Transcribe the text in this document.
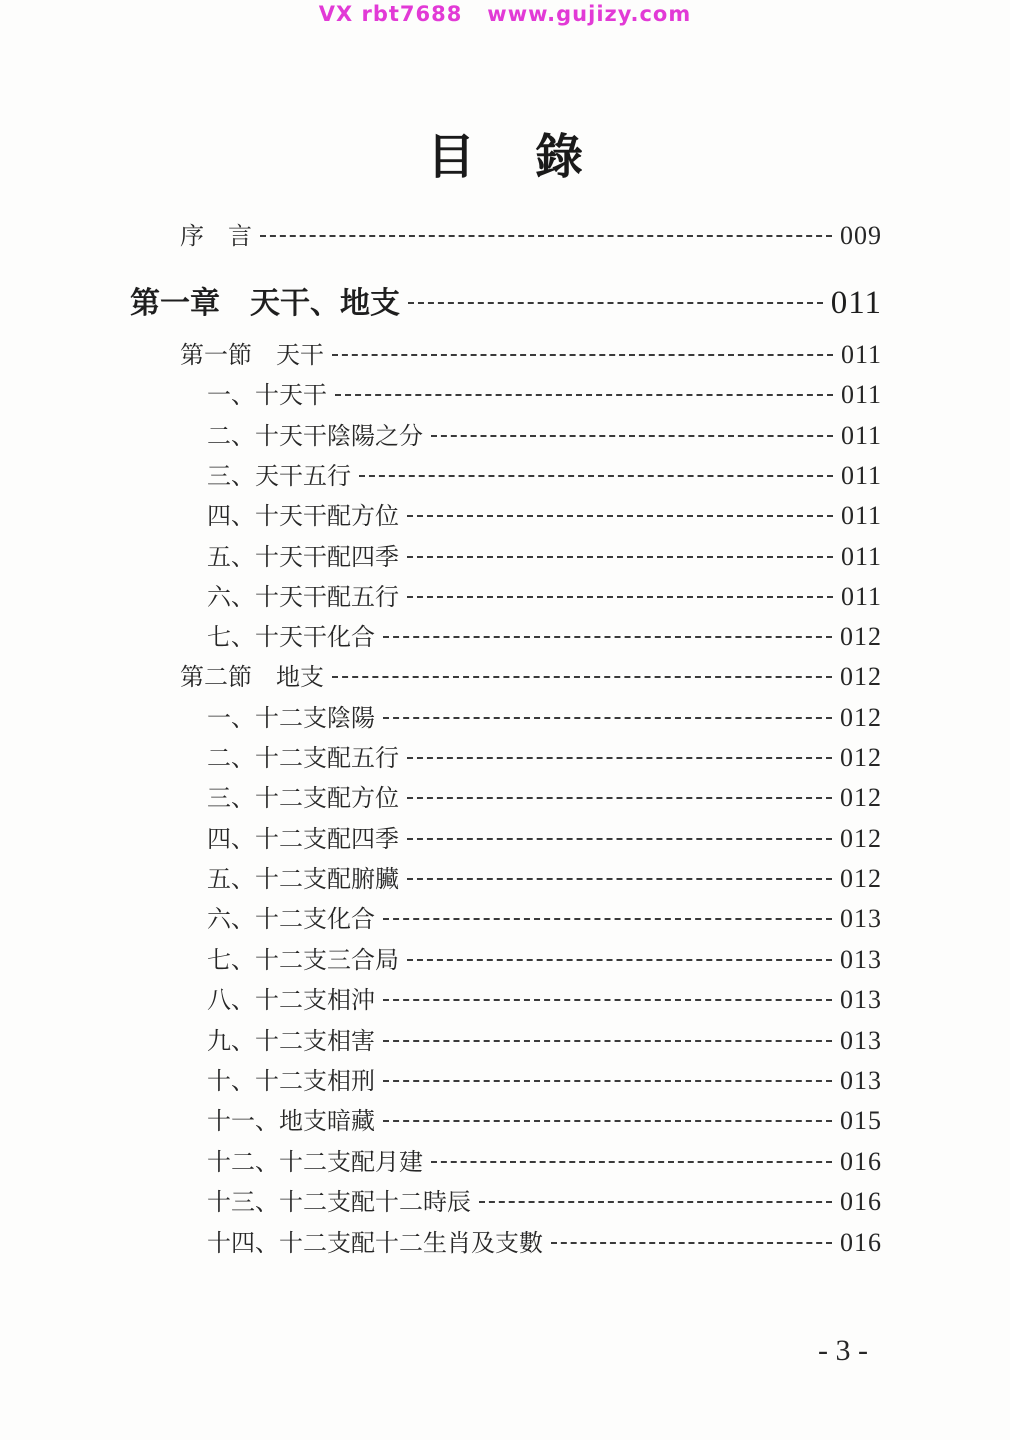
VX rbt7688   www.gujizy.com
目錄
序　言	009
第一章　天干、地支	011
第一節　天干	011
一、十天干	011
二、十天干陰陽之分	011
三、天干五行	011
四、十天干配方位	011
五、十天干配四季	011
六、十天干配五行	011
七、十天干化合	012
第二節　地支	012
一、十二支陰陽	012
二、十二支配五行	012
三、十二支配方位	012
四、十二支配四季	012
五、十二支配腑臟	012
六、十二支化合	013
七、十二支三合局	013
八、十二支相沖	013
九、十二支相害	013
十、十二支相刑	013
十一、地支暗藏	015
十二、十二支配月建	016
十三、十二支配十二時辰	016
十四、十二支配十二生肖及支數	016
- 3 -
